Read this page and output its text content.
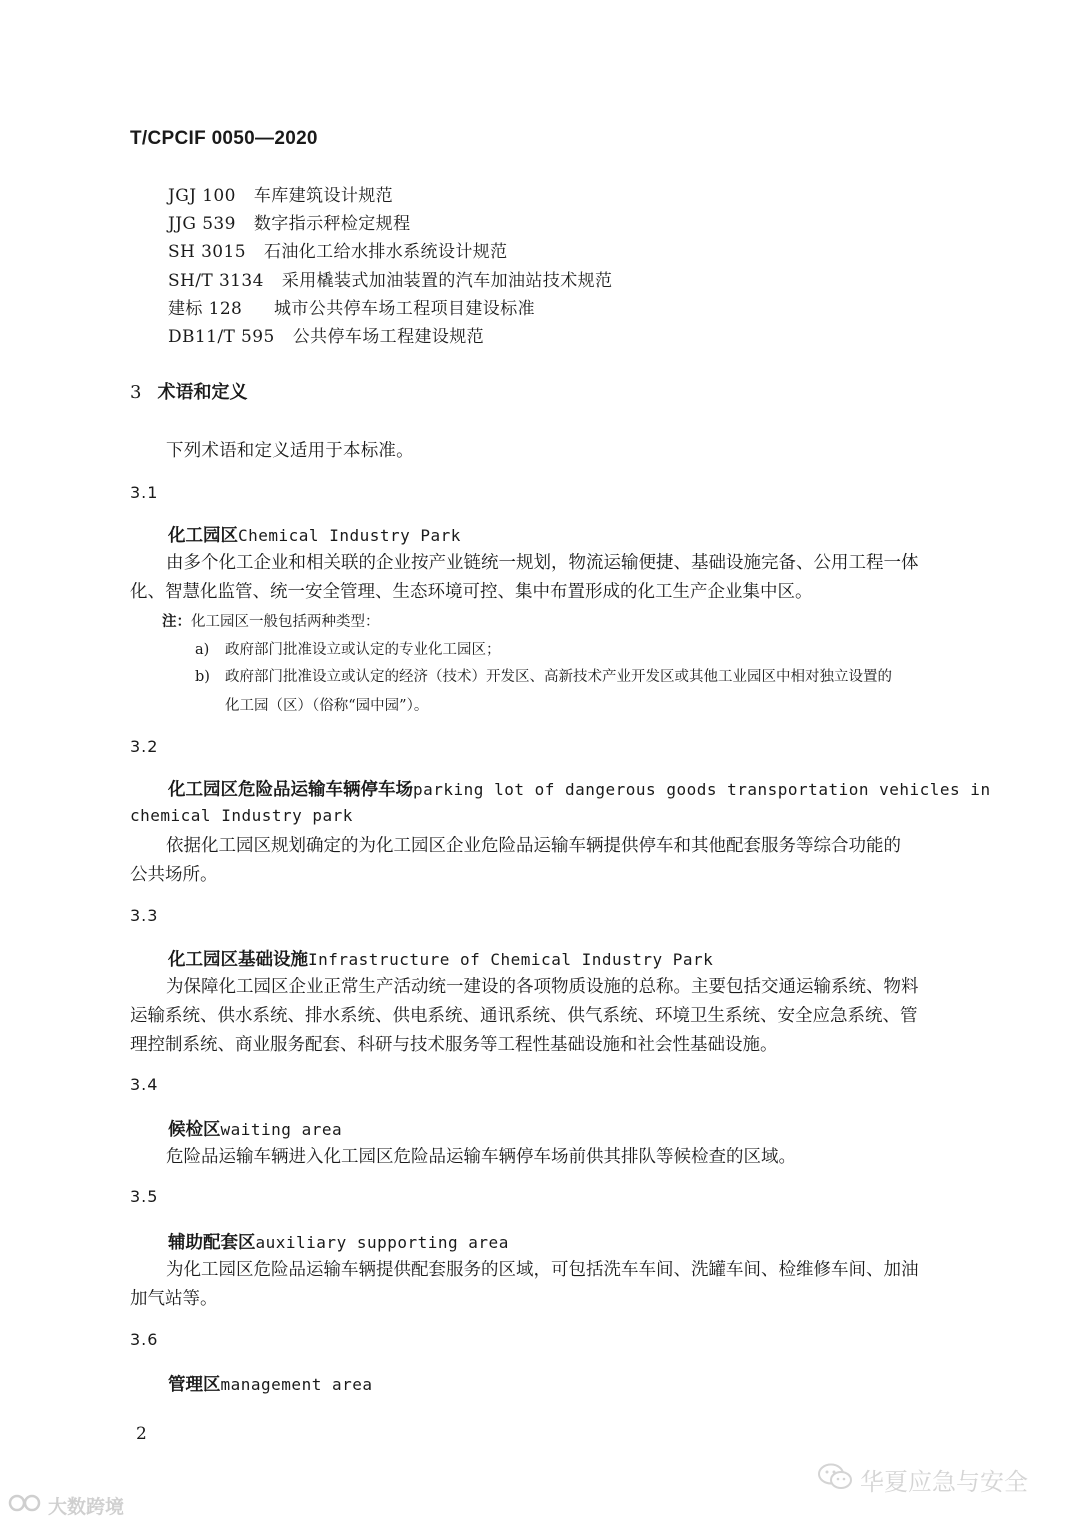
T/CPCIF 0050—2020
JGJ 100 车库建筑设计规范
JJG 539 数字指示秤检定规程
SH 3015 石油化工给水排水系统设计规范
SH/T 3134 采用橇装式加油装置的汽车加油站技术规范
建标 128 城市公共停车场工程项目建设标准
DB11/T 595 公共停车场工程建设规范
3 术语和定义
下列术语和定义适用于本标准。
3.1
化工园区Chemical Industry Park
由多个化工企业和相关联的企业按产业链统一规划，物流运输便捷、基础设施完备、公用工程一体
化、智慧化监管、统一安全管理、生态环境可控、集中布置形成的化工生产企业集中区。
注：化工园区一般包括两种类型：
a) 政府部门批准设立或认定的专业化工园区；
b) 政府部门批准设立或认定的经济（技术）开发区、高新技术产业开发区或其他工业园区中相对独立设置的
化工园（区）（俗称“园中园”）。
3.2
化工园区危险品运输车辆停车场parking lot of dangerous goods transportation vehicles in
chemical Industry park
依据化工园区规划确定的为化工园区企业危险品运输车辆提供停车和其他配套服务等综合功能的
公共场所。
3.3
化工园区基础设施Infrastructure of Chemical Industry Park
为保障化工园区企业正常生产活动统一建设的各项物质设施的总称。主要包括交通运输系统、物料
运输系统、供水系统、排水系统、供电系统、通讯系统、供气系统、环境卫生系统、安全应急系统、管
理控制系统、商业服务配套、科研与技术服务等工程性基础设施和社会性基础设施。
3.4
候检区waiting area
危险品运输车辆进入化工园区危险品运输车辆停车场前供其排队等候检查的区域。
3.5
辅助配套区auxiliary supporting area
为化工园区危险品运输车辆提供配套服务的区域，可包括洗车车间、洗罐车间、检维修车间、加油
加气站等。
3.6
管理区management area
2
大数跨境
华夏应急与安全
